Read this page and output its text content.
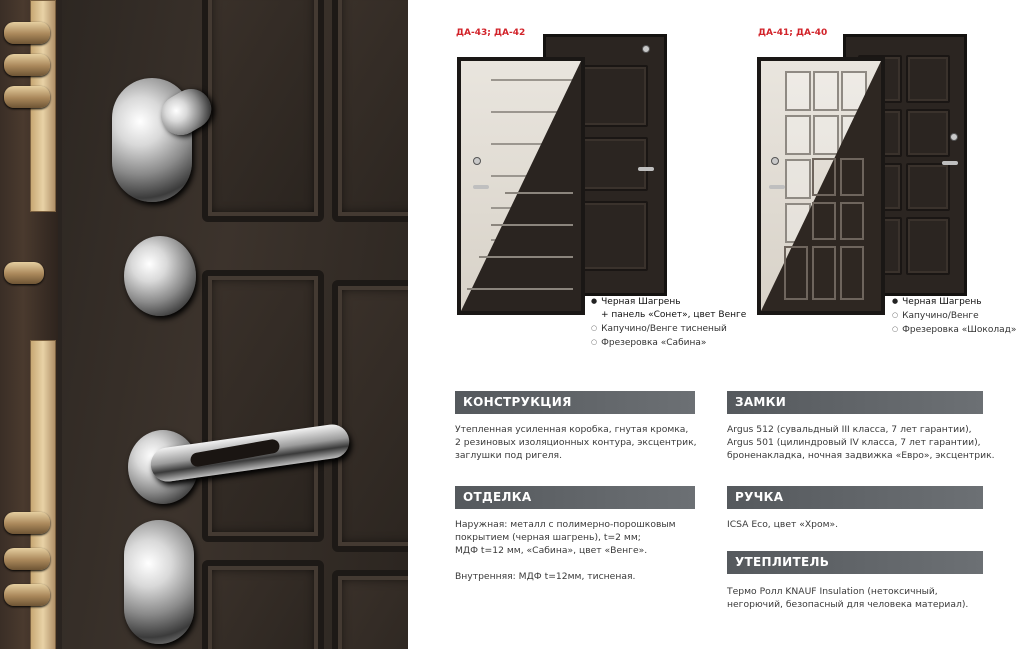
ДА-43; ДА-42
● Черная Шагрень
+ панель «Сонет», цвет Венге
○ Капучино/Венге тисненый
○ Фрезеровка «Сабина»
ДА-41; ДА-40
● Черная Шагрень
○ Капучино/Венге
○ Фрезеровка «Шоколад»
КОНСТРУКЦИЯ

Утепленная усиленная коробка, гнутая кромка,

2 резиновых изоляционных контура, эксцентрик,

заглушки под ригеля.

ОТДЕЛКА

Наружная: металл с полимерно-порошковым

покрытием (черная шагрень), t=2 мм;

МДФ t=12 мм, «Сабина», цвет «Венге».

Внутренняя: МДФ t=12мм, тисненая.

ЗАМКИ

Argus 512 (сувальдный III класса, 7 лет гарантии),

Argus 501 (цилиндровый IV класса, 7 лет гарантии),

броненакладка, ночная задвижка «Евро», эксцентрик.

РУЧКА

ICSA Eco, цвет «Хром».

УТЕПЛИТЕЛЬ

Термо Ролл KNAUF Insulation (нетоксичный,

негорючий, безопасный для человека материал).
